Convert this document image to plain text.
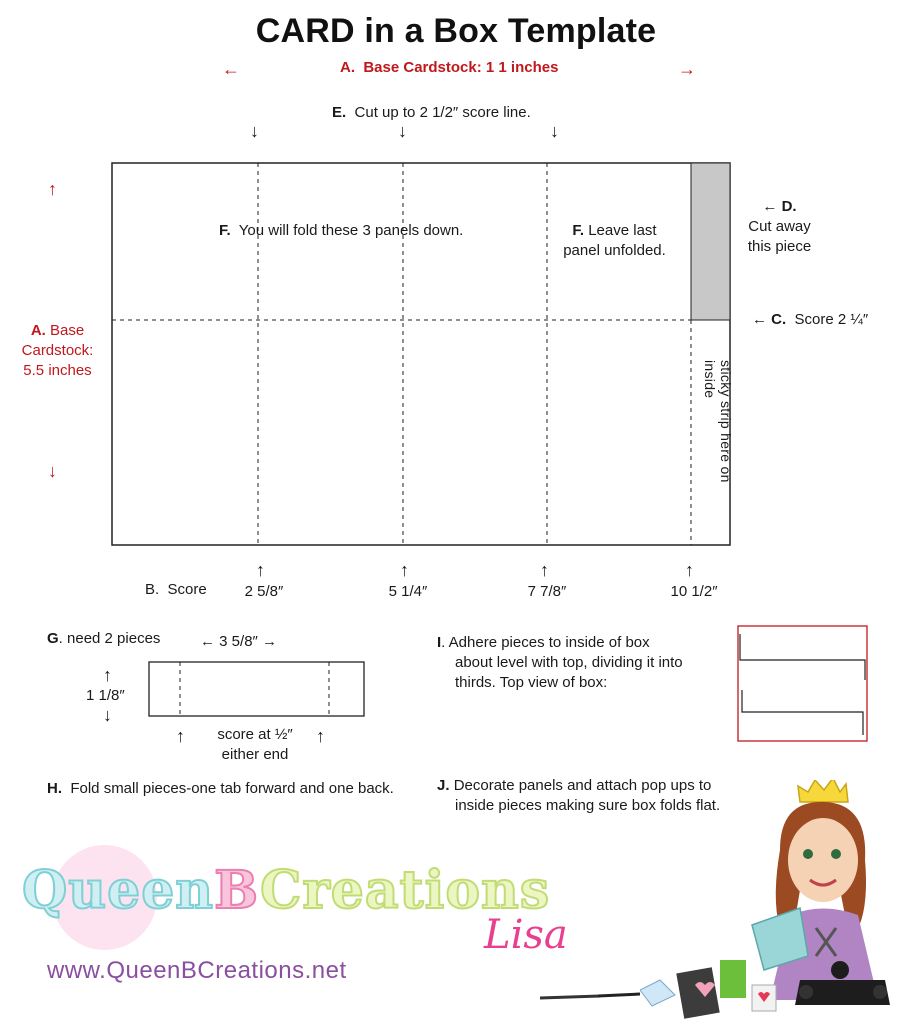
CARD in a Box Template
←	A. Base Cardstock: 1 1 inches	→
E. Cut up to 2 1/2″ score line.
↓	↓	↓
↑
↓
A. Base
Cardstock:
5.5 inches
F. You will fold these 3 panels down.	F. Leave last
panel unfolded.
sticky strip here on inside
← D.
Cut away
this piece
← C. Score 2 ¼″
↑	↑	↑	↑
B. Score	2 5/8″	5 1/4″	7 7/8″	10 1/2″
G. need 2 pieces	← 3 5/8″ →
↑
1 1/8″
↓
↑	↑
score at ½″
either end
H. Fold small pieces-one tab forward and one back.
I. Adhere pieces to inside of box
about level with top, dividing it into
thirds. Top view of box:
J. Decorate panels and attach pop ups to
inside pieces making sure box folds flat.
QueenBCreations
www.QueenBCreations.net
Lisa
